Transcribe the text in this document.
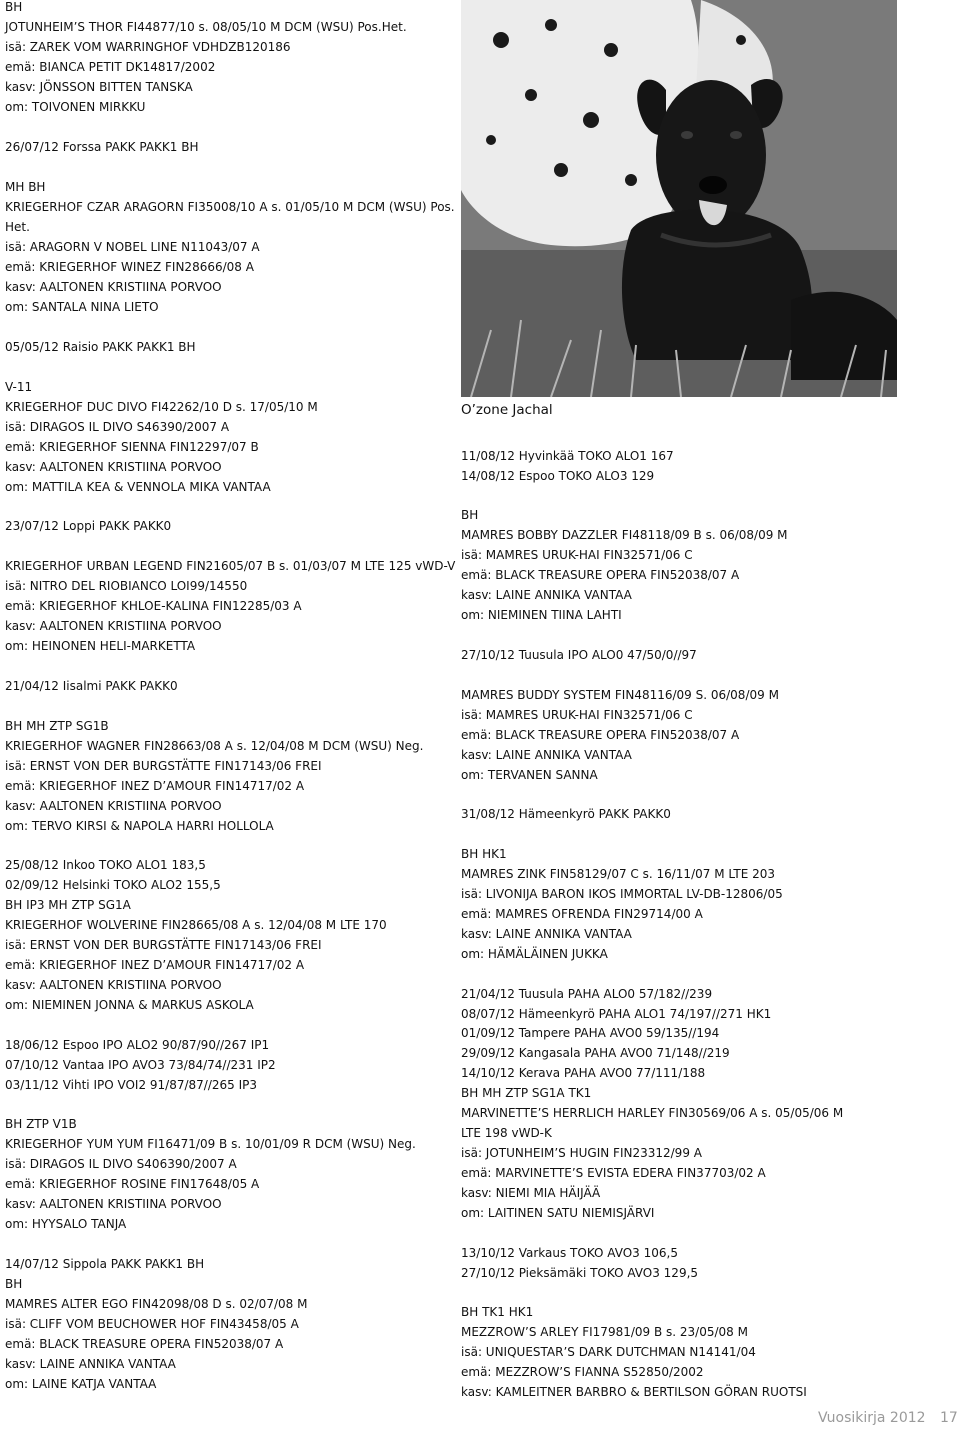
BH
JOTUNHEIM’S THOR FI44877/10 s. 08/05/10 M DCM (WSU) Pos.Het.
isä: ZAREK VOM WARRINGHOF VDHDZB120186
emä: BIANCA PETIT DK14817/2002
kasv: JÖNSSON BITTEN TANSKA
om: TOIVONEN MIRKKU
26/07/12 Forssa PAKK PAKK1 BH
MH BH
KRIEGERHOF CZAR ARAGORN FI35008/10 A s. 01/05/10 M DCM (WSU) Pos.
Het.
isä: ARAGORN V NOBEL LINE N11043/07 A
emä: KRIEGERHOF WINEZ FIN28666/08 A
kasv: AALTONEN KRISTIINA PORVOO
om: SANTALA NINA LIETO
05/05/12 Raisio PAKK PAKK1 BH
V-11
KRIEGERHOF DUC DIVO FI42262/10 D s. 17/05/10 M
isä: DIRAGOS IL DIVO S46390/2007 A
emä: KRIEGERHOF SIENNA FIN12297/07 B
kasv: AALTONEN KRISTIINA PORVOO
om: MATTILA KEA & VENNOLA MIKA VANTAA
23/07/12 Loppi PAKK PAKK0
KRIEGERHOF URBAN LEGEND FIN21605/07 B s. 01/03/07 M LTE 125 vWD-V
isä: NITRO DEL RIOBIANCO LOI99/14550
emä: KRIEGERHOF KHLOE-KALINA FIN12285/03 A
kasv: AALTONEN KRISTIINA PORVOO
om: HEINONEN HELI-MARKETTA
21/04/12 Iisalmi PAKK PAKK0
BH MH ZTP SG1B
KRIEGERHOF WAGNER FIN28663/08 A s. 12/04/08 M DCM (WSU) Neg.
isä: ERNST VON DER BURGSTÄTTE FIN17143/06 FREI
emä: KRIEGERHOF INEZ D’AMOUR FIN14717/02 A
kasv: AALTONEN KRISTIINA PORVOO
om: TERVO KIRSI & NAPOLA HARRI HOLLOLA
25/08/12 Inkoo TOKO ALO1 183,5
02/09/12 Helsinki TOKO ALO2 155,5
BH IP3 MH ZTP SG1A
KRIEGERHOF WOLVERINE FIN28665/08 A s. 12/04/08 M LTE 170
isä: ERNST VON DER BURGSTÄTTE FIN17143/06 FREI
emä: KRIEGERHOF INEZ D’AMOUR FIN14717/02 A
kasv: AALTONEN KRISTIINA PORVOO
om: NIEMINEN JONNA & MARKUS ASKOLA
18/06/12 Espoo IPO ALO2 90/87/90//267 IP1
07/10/12 Vantaa IPO AVO3 73/84/74//231 IP2
03/11/12 Vihti IPO VOI2 91/87/87//265 IP3
BH ZTP V1B
KRIEGERHOF YUM YUM FI16471/09 B s. 10/01/09 R DCM (WSU) Neg.
isä: DIRAGOS IL DIVO S406390/2007 A
emä: KRIEGERHOF ROSINE FIN17648/05 A
kasv: AALTONEN KRISTIINA PORVOO
om: HYYSALO TANJA
14/07/12 Sippola PAKK PAKK1 BH
BH
MAMRES ALTER EGO FIN42098/08 D s. 02/07/08 M
isä: CLIFF VOM BEUCHOWER HOF FIN43458/05 A
emä: BLACK TREASURE OPERA FIN52038/07 A
kasv: LAINE ANNIKA VANTAA
om: LAINE KATJA VANTAA
O’zone Jachal
11/08/12 Hyvinkää TOKO ALO1 167
14/08/12 Espoo TOKO ALO3 129
BH
MAMRES BOBBY DAZZLER FI48118/09 B s. 06/08/09 M
isä: MAMRES URUK-HAI FIN32571/06 C
emä: BLACK TREASURE OPERA FIN52038/07 A
kasv: LAINE ANNIKA VANTAA
om: NIEMINEN TIINA LAHTI
27/10/12 Tuusula IPO ALO0 47/50/0//97
MAMRES BUDDY SYSTEM FIN48116/09 S. 06/08/09 M
isä: MAMRES URUK-HAI FIN32571/06 C
emä: BLACK TREASURE OPERA FIN52038/07 A
kasv: LAINE ANNIKA VANTAA
om: TERVANEN SANNA
31/08/12 Hämeenkyrö PAKK PAKK0
BH HK1
MAMRES ZINK FIN58129/07 C s. 16/11/07 M LTE 203
isä: LIVONIJA BARON IKOS IMMORTAL LV-DB-12806/05
emä: MAMRES OFRENDA FIN29714/00 A
kasv: LAINE ANNIKA VANTAA
om: HÄMÄLÄINEN JUKKA
21/04/12 Tuusula PAHA ALO0 57/182//239
08/07/12 Hämeenkyrö PAHA ALO1 74/197//271 HK1
01/09/12 Tampere PAHA AVO0 59/135//194
29/09/12 Kangasala PAHA AVO0 71/148//219
14/10/12 Kerava PAHA AVO0 77/111/188
BH MH ZTP SG1A TK1
MARVINETTE’S HERRLICH HARLEY FIN30569/06 A s. 05/05/06 M
LTE 198 vWD-K
isä: JOTUNHEIM’S HUGIN FIN23312/99 A
emä: MARVINETTE’S EVISTA EDERA FIN37703/02 A
kasv: NIEMI MIA HÄIJÄÄ
om: LAITINEN SATU NIEMISJÄRVI
13/10/12 Varkaus TOKO AVO3 106,5
27/10/12 Pieksämäki TOKO AVO3 129,5
BH TK1 HK1
MEZZROW’S ARLEY FI17981/09 B s. 23/05/08 M
isä: UNIQUESTAR’S DARK DUTCHMAN N14141/04
emä: MEZZROW’S FIANNA S52850/2002
kasv: KAMLEITNER BARBRO & BERTILSON GÖRAN RUOTSI
Vuosikirja 2012 17
